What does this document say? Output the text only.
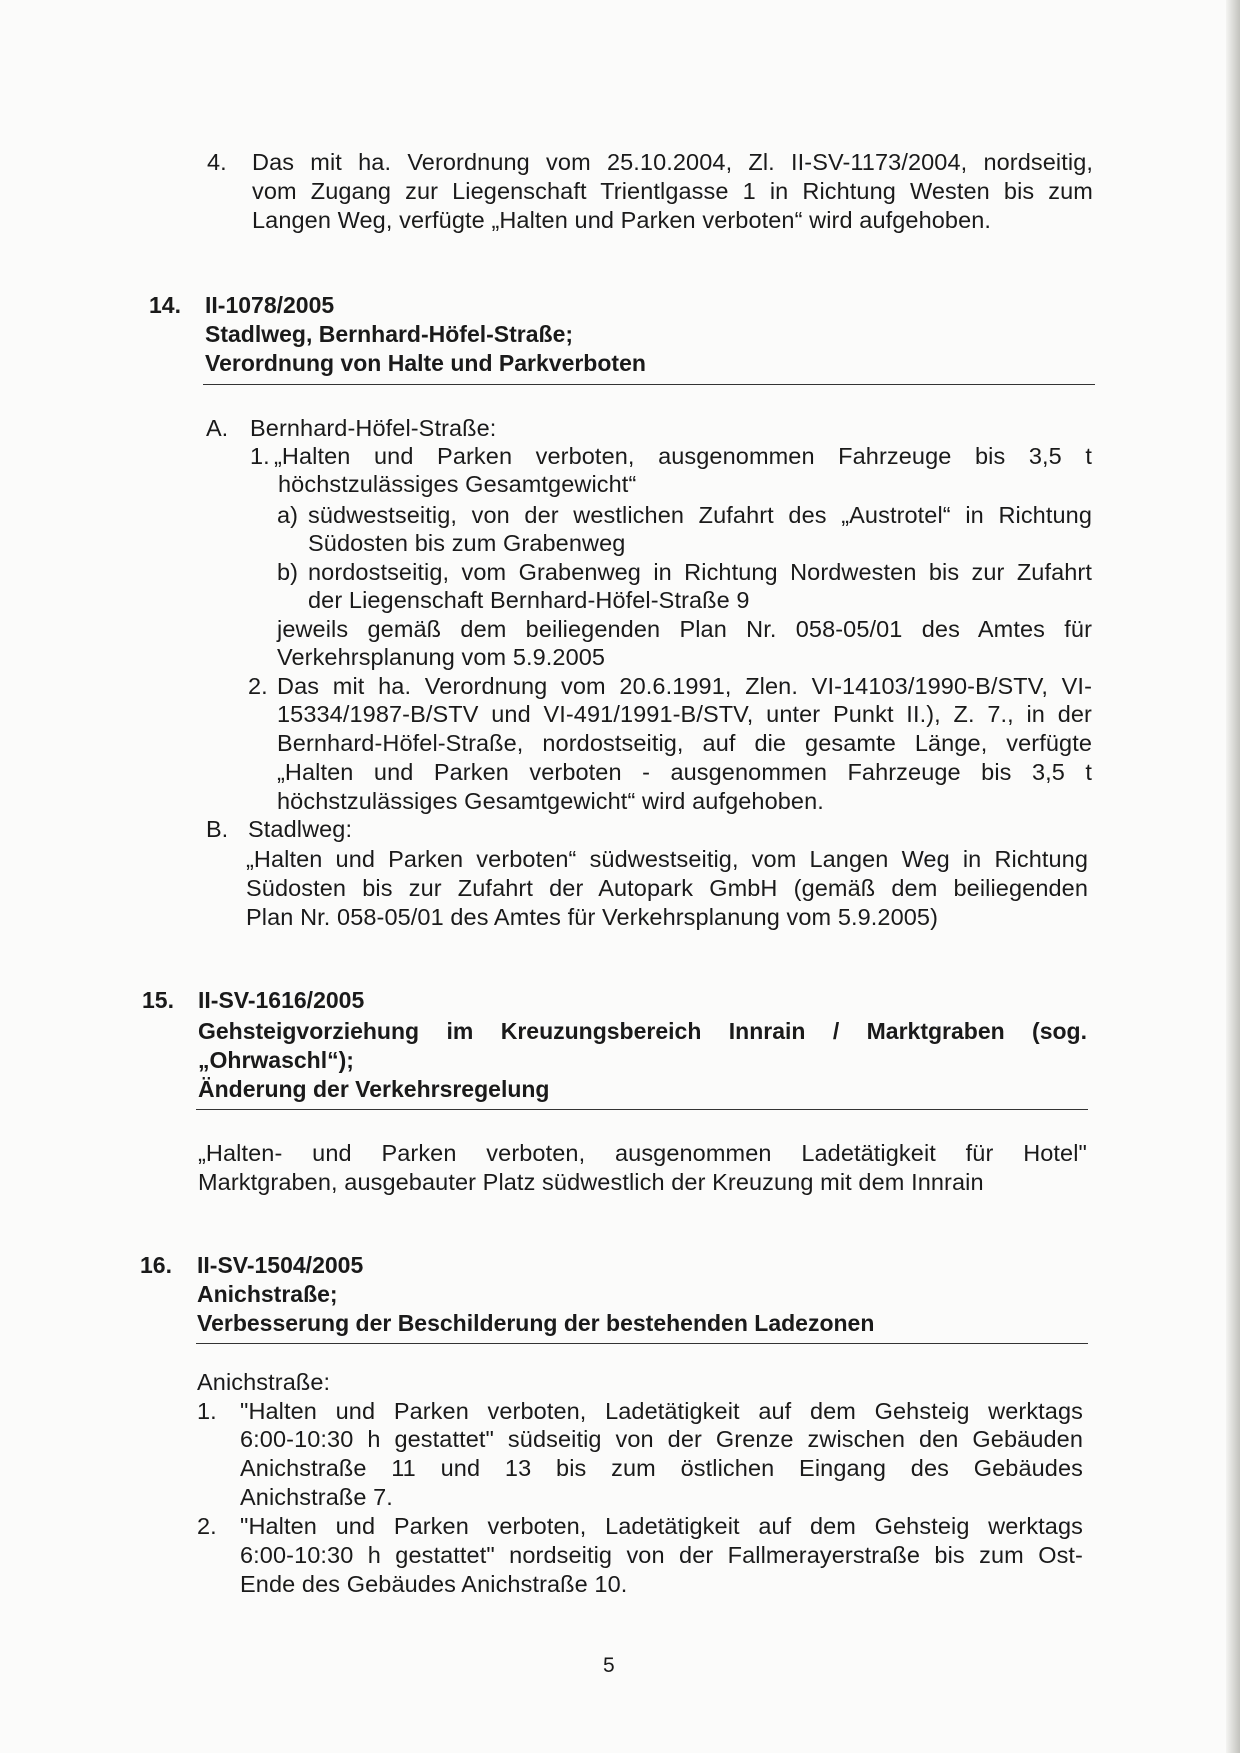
4. Das mit ha. Verordnung vom 25.10.2004, Zl. II-SV-1173/2004, nordseitig,
vom Zugang zur Liegenschaft Trientlgasse 1 in Richtung Westen bis zum
Langen Weg, verfügte „Halten und Parken verboten“ wird aufgehoben.
14. II-1078/2005
Stadlweg, Bernhard-Höfel-Straße;
Verordnung von Halte und Parkverboten
A. Bernhard-Höfel-Straße:
1. „Halten und Parken verboten, ausgenommen Fahrzeuge bis 3,5 t
höchstzulässiges Gesamtgewicht“
a) südwestseitig, von der westlichen Zufahrt des „Austrotel“ in Richtung
Südosten bis zum Grabenweg
b) nordostseitig, vom Grabenweg in Richtung Nordwesten bis zur Zufahrt
der Liegenschaft Bernhard-Höfel-Straße 9
jeweils gemäß dem beiliegenden Plan Nr. 058-05/01 des Amtes für
Verkehrsplanung vom 5.9.2005
2. Das mit ha. Verordnung vom 20.6.1991, Zlen. VI-14103/1990-B/STV, VI-
15334/1987-B/STV und VI-491/1991-B/STV, unter Punkt II.), Z. 7., in der
Bernhard-Höfel-Straße, nordostseitig, auf die gesamte Länge, verfügte
„Halten und Parken verboten - ausgenommen Fahrzeuge bis 3,5 t
höchstzulässiges Gesamtgewicht“ wird aufgehoben.
B. Stadlweg:
„Halten und Parken verboten“ südwestseitig, vom Langen Weg in Richtung
Südosten bis zur Zufahrt der Autopark GmbH (gemäß dem beiliegenden
Plan Nr. 058-05/01 des Amtes für Verkehrsplanung vom 5.9.2005)
15. II-SV-1616/2005
Gehsteigvorziehung im Kreuzungsbereich Innrain / Marktgraben (sog.
„Ohrwaschl“);
Änderung der Verkehrsregelung
„Halten- und Parken verboten, ausgenommen Ladetätigkeit für Hotel"
Marktgraben, ausgebauter Platz südwestlich der Kreuzung mit dem Innrain
16. II-SV-1504/2005
Anichstraße;
Verbesserung der Beschilderung der bestehenden Ladezonen
Anichstraße:
1. "Halten und Parken verboten, Ladetätigkeit auf dem Gehsteig werktags
6:00-10:30 h gestattet" südseitig von der Grenze zwischen den Gebäuden
Anichstraße 11 und 13 bis zum östlichen Eingang des Gebäudes
Anichstraße 7.
2. "Halten und Parken verboten, Ladetätigkeit auf dem Gehsteig werktags
6:00-10:30 h gestattet" nordseitig von der Fallmerayerstraße bis zum Ost-
Ende des Gebäudes Anichstraße 10.
5
